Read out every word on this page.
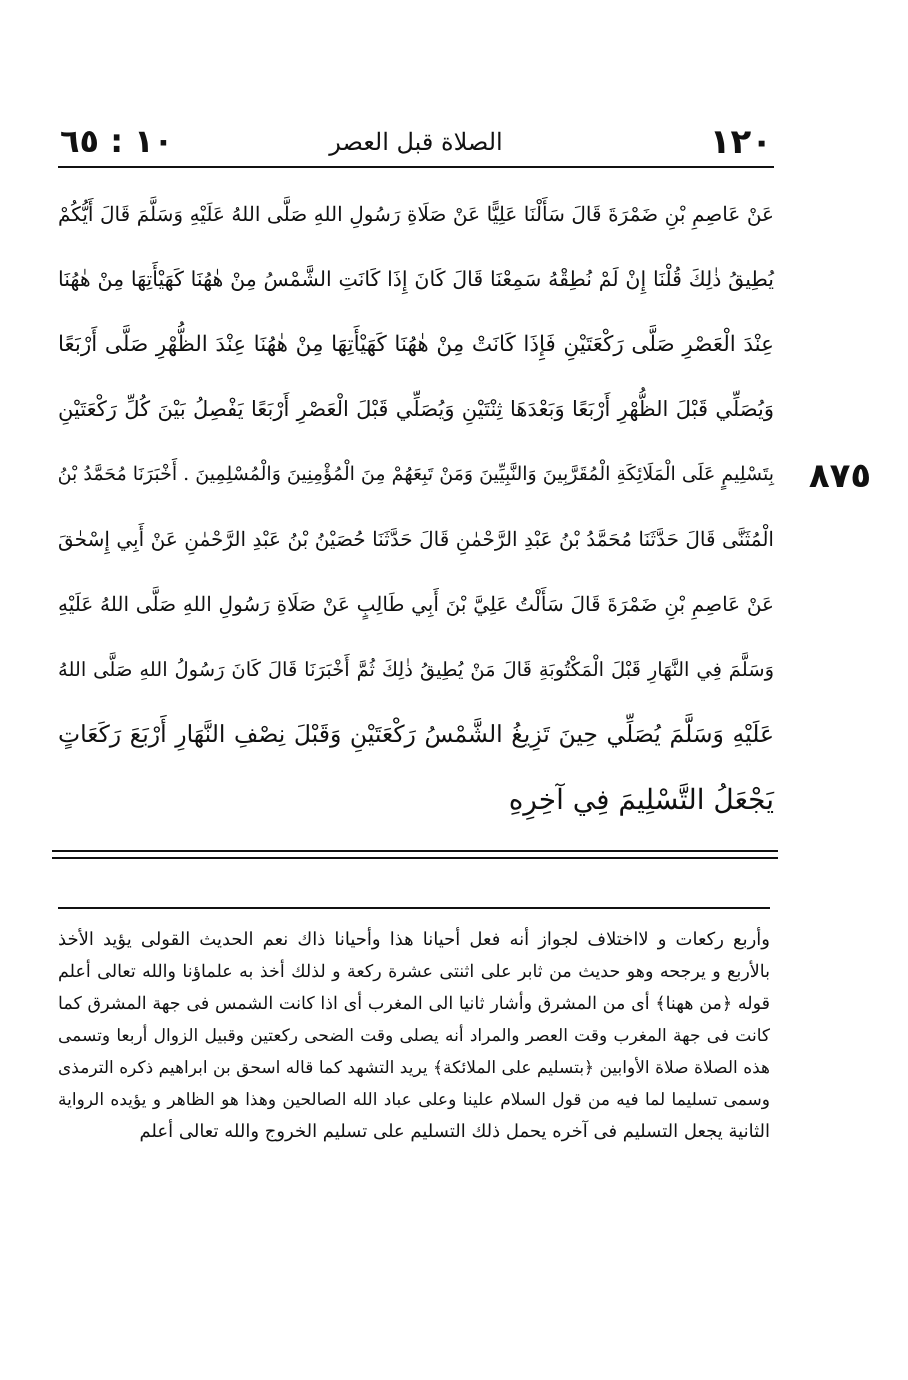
١٢٠
الصلاة قبل العصر
١٠ : ٦٥

عَنْ عَاصِمِ بْنِ ضَمْرَةَ قَالَ سَأَلْنَا عَلِيًّا عَنْ صَلَاةِ رَسُولِ اللهِ صَلَّى اللهُ عَلَيْهِ وَسَلَّمَ قَالَ أَيُّكُمْ

يُطِيقُ ذٰلِكَ قُلْنَا إِنْ لَمْ نُطِقْهُ سَمِعْنَا قَالَ كَانَ إِذَا كَانَتِ الشَّمْسُ مِنْ هٰهُنَا كَهَيْأَتِهَا مِنْ هٰهُنَا

عِنْدَ الْعَصْرِ صَلَّى رَكْعَتَيْنِ فَإِذَا كَانَتْ مِنْ هٰهُنَا كَهَيْأَتِهَا مِنْ هٰهُنَا عِنْدَ الظُّهْرِ صَلَّى أَرْبَعًا

وَيُصَلِّي قَبْلَ الظُّهْرِ أَرْبَعًا وَبَعْدَهَا ثِنْتَيْنِ وَيُصَلِّي قَبْلَ الْعَصْرِ أَرْبَعًا يَفْصِلُ بَيْنَ كُلِّ رَكْعَتَيْنِ

بِتَسْلِيمٍ عَلَى الْمَلَائِكَةِ الْمُقَرَّبِينَ وَالنَّبِيِّينَ وَمَنْ تَبِعَهُمْ مِنَ الْمُؤْمِنِينَ وَالْمُسْلِمِينَ . أَخْبَرَنَا مُحَمَّدُ بْنُ

الْمُثَنَّى قَالَ حَدَّثَنَا مُحَمَّدُ بْنُ عَبْدِ الرَّحْمٰنِ قَالَ حَدَّثَنَا حُصَيْنُ بْنُ عَبْدِ الرَّحْمٰنِ عَنْ أَبِي إِسْحٰقَ

عَنْ عَاصِمِ بْنِ ضَمْرَةَ قَالَ سَأَلْتُ عَلِيَّ بْنَ أَبِي طَالِبٍ عَنْ صَلَاةِ رَسُولِ اللهِ صَلَّى اللهُ عَلَيْهِ

وَسَلَّمَ فِي النَّهَارِ قَبْلَ الْمَكْتُوبَةِ قَالَ مَنْ يُطِيقُ ذٰلِكَ ثُمَّ أَخْبَرَنَا قَالَ كَانَ رَسُولُ اللهِ صَلَّى اللهُ

عَلَيْهِ وَسَلَّمَ يُصَلِّي حِينَ تَزِيغُ الشَّمْسُ رَكْعَتَيْنِ وَقَبْلَ نِصْفِ النَّهَارِ أَرْبَعَ رَكَعَاتٍ

يَجْعَلُ التَّسْلِيمَ فِي آخِرِهِ

٨٧٥

وأربع ركعات و لااختلاف لجواز أنه فعل أحيانا هذا وأحيانا ذاك نعم الحديث القولى يؤيد الأخذ

بالأربع و يرجحه وهو حديث من ثابر على اثنتى عشرة ركعة و لذلك أخذ به علماؤنا والله تعالى أعلم

قوله ﴿من ههنا﴾ أى من المشرق وأشار ثانيا الى المغرب أى اذا كانت الشمس فى جهة المشرق كما

كانت فى جهة المغرب وقت العصر والمراد أنه يصلى وقت الضحى ركعتين وقبيل الزوال أربعا وتسمى

هذه الصلاة صلاة الأوابين ﴿بتسليم على الملائكة﴾ يريد التشهد كما قاله اسحق بن ابراهيم ذكره الترمذى

وسمى تسليما لما فيه من قول السلام علينا وعلى عباد الله الصالحين وهذا هو الظاهر و يؤيده الرواية

الثانية يجعل التسليم فى آخره يحمل ذلك التسليم على تسليم الخروج والله تعالى أعلم
